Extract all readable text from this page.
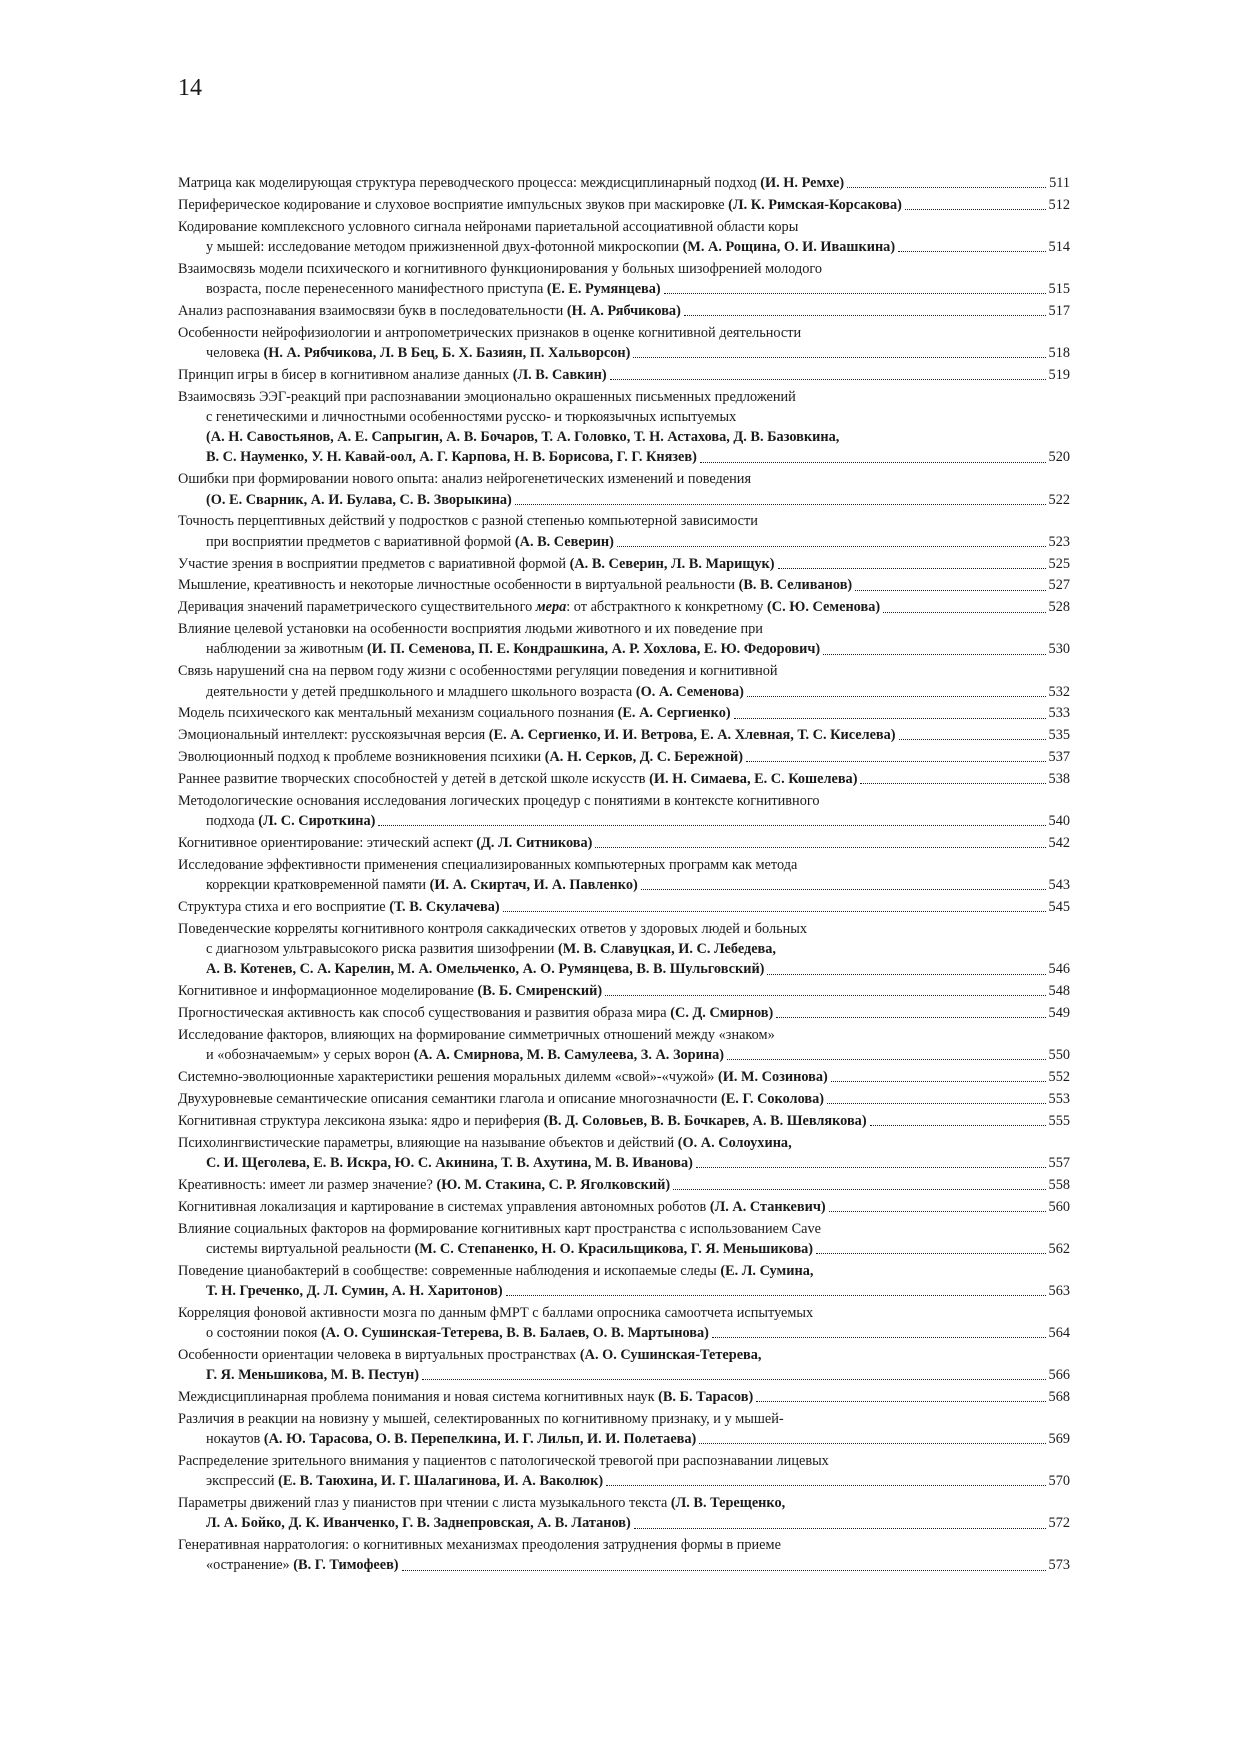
14
Матрица как моделирующая структура переводческого процесса: междисциплинарный подход (И. Н. Ремхе)	511
Периферическое кодирование и слуховое восприятие импульсных звуков при маскировке (Л. К. Римская-Корсакова)	512
Кодирование комплексного условного сигнала нейронами париетальной ассоциативной области коры
у мышей: исследование методом прижизненной двух-фотонной микроскопии (М. А. Рощина, О. И. Ивашкина)	514
Взаимосвязь модели психического и когнитивного функционирования у больных шизофренией молодого
возраста, после перенесенного манифестного приступа (Е. Е. Румянцева)	515
Анализ распознавания взаимосвязи букв в последовательности (Н. А. Рябчикова)	517
Особенности нейрофизиологии и антропометрических признаков в оценке когнитивной деятельности
человека (Н. А. Рябчикова, Л. В Бец, Б. Х. Базиян, П. Хальворсон)	518
Принцип игры в бисер в когнитивном анализе данных (Л. В. Савкин)	519
Взаимосвязь ЭЭГ-реакций при распознавании эмоционально окрашенных письменных предложений
с генетическими и личностными особенностями русско- и тюркоязычных испытуемых
(А. Н. Савостьянов, А. Е. Сапрыгин, А. В. Бочаров, Т. А. Головко, Т. Н. Астахова, Д. В. Базовкина,
В. С. Науменко, У. Н. Кавай-оол, А. Г. Карпова, Н. В. Борисова, Г. Г. Князев)	520
Ошибки при формировании нового опыта: анализ нейрогенетических изменений и поведения
(О. Е. Сварник, А. И. Булава, С. В. Зворыкина)	522
Точность перцептивных действий у подростков с разной степенью компьютерной зависимости
при восприятии предметов с вариативной формой (А. В. Северин)	523
Участие зрения в восприятии предметов с вариативной формой (А. В. Северин, Л. В. Марищук)	525
Мышление, креативность и некоторые личностные особенности в виртуальной реальности (В. В. Селиванов)	527
Деривация значений параметрического существительного мера: от абстрактного к конкретному (С. Ю. Семенова)	528
Влияние целевой установки на особенности восприятия людьми животного и их поведение при
наблюдении за животным (И. П. Семенова, П. Е. Кондрашкина, А. Р. Хохлова, Е. Ю. Федорович)	530
Связь нарушений сна на первом году жизни с особенностями регуляции поведения и когнитивной
деятельности у детей предшкольного и младшего школьного возраста (О. А. Семенова)	532
Модель психического как ментальный механизм социального познания (Е. А. Сергиенко)	533
Эмоциональный интеллект: русскоязычная версия (Е. А. Сергиенко, И. И. Ветрова, Е. А. Хлевная, Т. С. Киселева)	535
Эволюционный подход к проблеме возникновения психики (А. Н. Серков, Д. С. Бережной)	537
Раннее развитие творческих способностей у детей в детской школе искусств (И. Н. Симаева, Е. С. Кошелева)	538
Методологические основания исследования логических процедур с понятиями в контексте когнитивного
подхода (Л. С. Сироткина)	540
Когнитивное ориентирование: этический аспект (Д. Л. Ситникова)	542
Исследование эффективности применения специализированных компьютерных программ как метода
коррекции кратковременной памяти (И. А. Скиртач, И. А. Павленко)	543
Структура стиха и его восприятие (Т. В. Скулачева)	545
Поведенческие корреляты когнитивного контроля саккадических ответов у здоровых людей и больных
с диагнозом ультравысокого риска развития шизофрении (М. В. Славуцкая, И. С. Лебедева,
А. В. Котенев, С. А. Карелин, М. А. Омельченко, А. О. Румянцева, В. В. Шульговский)	546
Когнитивное и информационное моделирование (В. Б. Смиренский)	548
Прогностическая активность как способ существования и развития образа мира (С. Д. Смирнов)	549
Исследование факторов, влияющих на формирование симметричных отношений между «знаком»
и «обозначаемым» у серых ворон (А. А. Смирнова, М. В. Самулеева, З. А. Зорина)	550
Системно-эволюционные характеристики решения моральных дилемм «свой»-«чужой» (И. М. Созинова)	552
Двухуровневые семантические описания семантики глагола и описание многозначности (Е. Г. Соколова)	553
Когнитивная структура лексикона языка: ядро и периферия (В. Д. Соловьев, В. В. Бочкарев, А. В. Шевлякова)	555
Психолингвистические параметры, влияющие на называние объектов и действий (О. А. Солоухина,
С. И. Щеголева, Е. В. Искра, Ю. С. Акинина, Т. В. Ахутина, М. В. Иванова)	557
Креативность: имеет ли размер значение? (Ю. М. Стакина, С. Р. Яголковский)	558
Когнитивная локализация и картирование в системах управления автономных роботов (Л. А. Станкевич)	560
Влияние социальных факторов на формирование когнитивных карт пространства с использованием Cave
системы виртуальной реальности (М. С. Степаненко, Н. О. Красильщикова, Г. Я. Меньшикова)	562
Поведение цианобактерий в сообществе: современные наблюдения и ископаемые следы (Е. Л. Сумина,
Т. Н. Греченко, Д. Л. Сумин, А. Н. Харитонов)	563
Корреляция фоновой активности мозга по данным фМРТ с баллами опросника самоотчета испытуемых
о состоянии покоя (А. О. Сушинская-Тетерева, В. В. Балаев, О. В. Мартынова)	564
Особенности ориентации человека в виртуальных пространствах (А. О. Сушинская-Тетерева,
Г. Я. Меньшикова, М. В. Пестун)	566
Междисциплинарная проблема понимания и новая система когнитивных наук (В. Б. Тарасов)	568
Различия в реакции на новизну у мышей, селектированных по когнитивному признаку, и у мышей-
нокаутов (А. Ю. Тарасова, О. В. Перепелкина, И. Г. Лильп, И. И. Полетаева)	569
Распределение зрительного внимания у пациентов с патологической тревогой при распознавании лицевых
экспрессий (Е. В. Таюхина, И. Г. Шалагинова, И. А. Ваколюк)	570
Параметры движений глаз у пианистов при чтении с листа музыкального текста (Л. В. Терещенко,
Л. А. Бойко, Д. К. Иванченко, Г. В. Заднепровская, А. В. Латанов)	572
Генеративная нарратология: о когнитивных механизмах преодоления затруднения формы в приеме
«остранение» (В. Г. Тимофеев)	573
